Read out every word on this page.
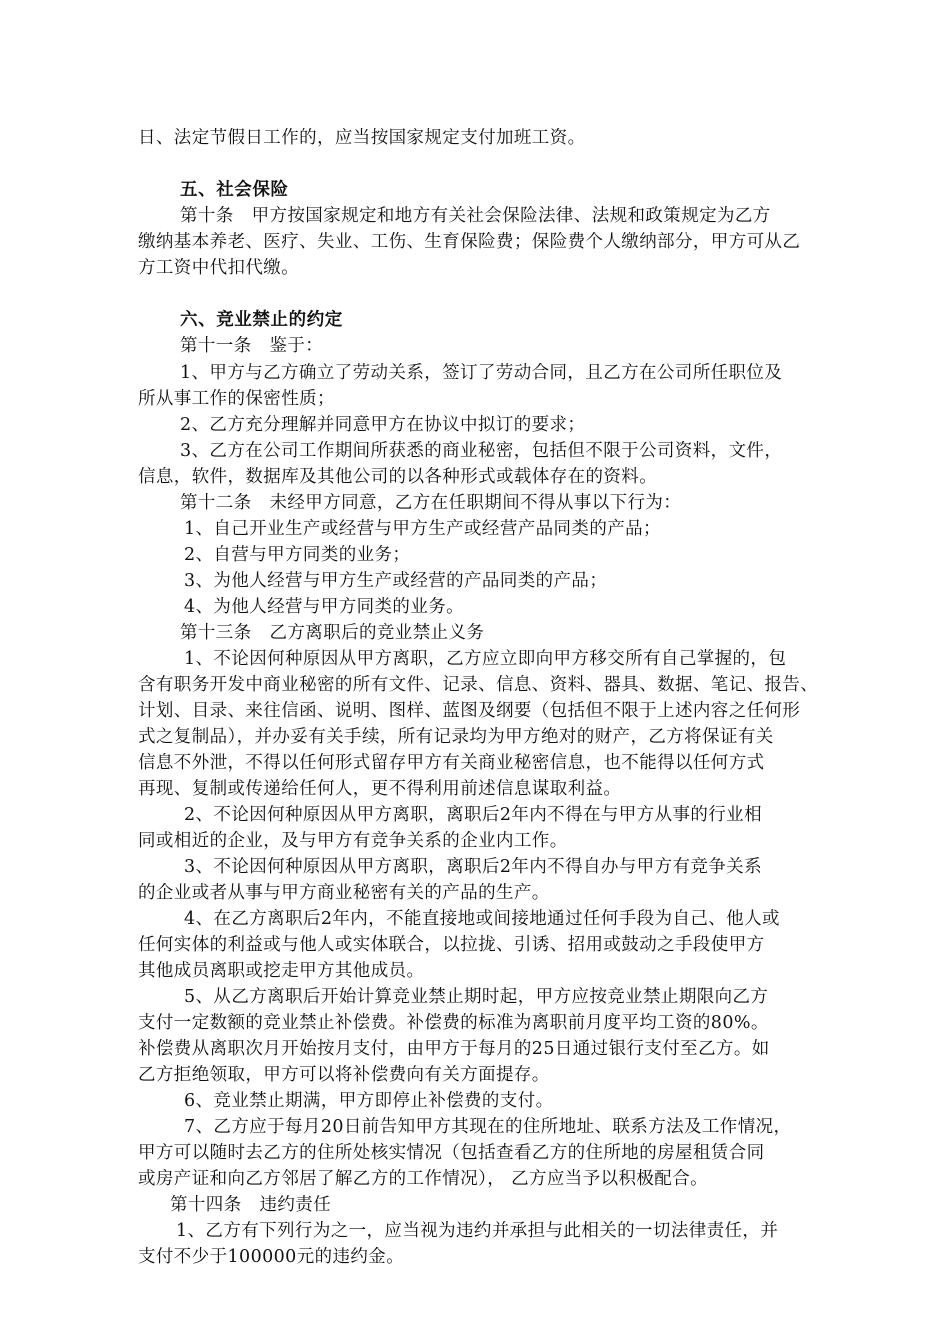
日、法定节假日工作的，应当按国家规定支付加班工资。
五、社会保险
第十条　甲方按国家规定和地方有关社会保险法律、法规和政策规定为乙方
缴纳基本养老、医疗、失业、工伤、生育保险费；保险费个人缴纳部分，甲方可从乙
方工资中代扣代缴。
六、竞业禁止的约定
第十一条　鉴于：
1、甲方与乙方确立了劳动关系，签订了劳动合同，且乙方在公司所任职位及
所从事工作的保密性质；
2、乙方充分理解并同意甲方在协议中拟订的要求；
3、乙方在公司工作期间所获悉的商业秘密，包括但不限于公司资料，文件，
信息，软件，数据库及其他公司的以各种形式或载体存在的资料。
第十二条　未经甲方同意，乙方在任职期间不得从事以下行为：
1、自己开业生产或经营与甲方生产或经营产品同类的产品；
2、自营与甲方同类的业务；
3、为他人经营与甲方生产或经营的产品同类的产品；
4、为他人经营与甲方同类的业务。
第十三条　乙方离职后的竞业禁止义务
1、不论因何种原因从甲方离职，乙方应立即向甲方移交所有自己掌握的，包
含有职务开发中商业秘密的所有文件、记录、信息、资料、器具、数据、笔记、报告、
计划、目录、来往信函、说明、图样、蓝图及纲要（包括但不限于上述内容之任何形
式之复制品），并办妥有关手续，所有记录均为甲方绝对的财产，乙方将保证有关
信息不外泄，不得以任何形式留存甲方有关商业秘密信息，也不能得以任何方式
再现、复制或传递给任何人，更不得利用前述信息谋取利益。
2、不论因何种原因从甲方离职，离职后2年内不得在与甲方从事的行业相
同或相近的企业，及与甲方有竞争关系的企业内工作。
3、不论因何种原因从甲方离职，离职后2年内不得自办与甲方有竞争关系
的企业或者从事与甲方商业秘密有关的产品的生产。
4、在乙方离职后2年内，不能直接地或间接地通过任何手段为自己、他人或
任何实体的利益或与他人或实体联合，以拉拢、引诱、招用或鼓动之手段使甲方
其他成员离职或挖走甲方其他成员。
5、从乙方离职后开始计算竞业禁止期时起，甲方应按竞业禁止期限向乙方
支付一定数额的竞业禁止补偿费。补偿费的标准为离职前月度平均工资的80%。
补偿费从离职次月开始按月支付，由甲方于每月的25日通过银行支付至乙方。如
乙方拒绝领取，甲方可以将补偿费向有关方面提存。
6、竞业禁止期满，甲方即停止补偿费的支付。
7、乙方应于每月20日前告知甲方其现在的住所地址、联系方法及工作情况，
甲方可以随时去乙方的住所处核实情况（包括查看乙方的住所地的房屋租赁合同
或房产证和向乙方邻居了解乙方的工作情况）， 乙方应当予以积极配合。
第十四条　违约责任
1、乙方有下列行为之一，应当视为违约并承担与此相关的一切法律责任，并
支付不少于100000元的违约金。
